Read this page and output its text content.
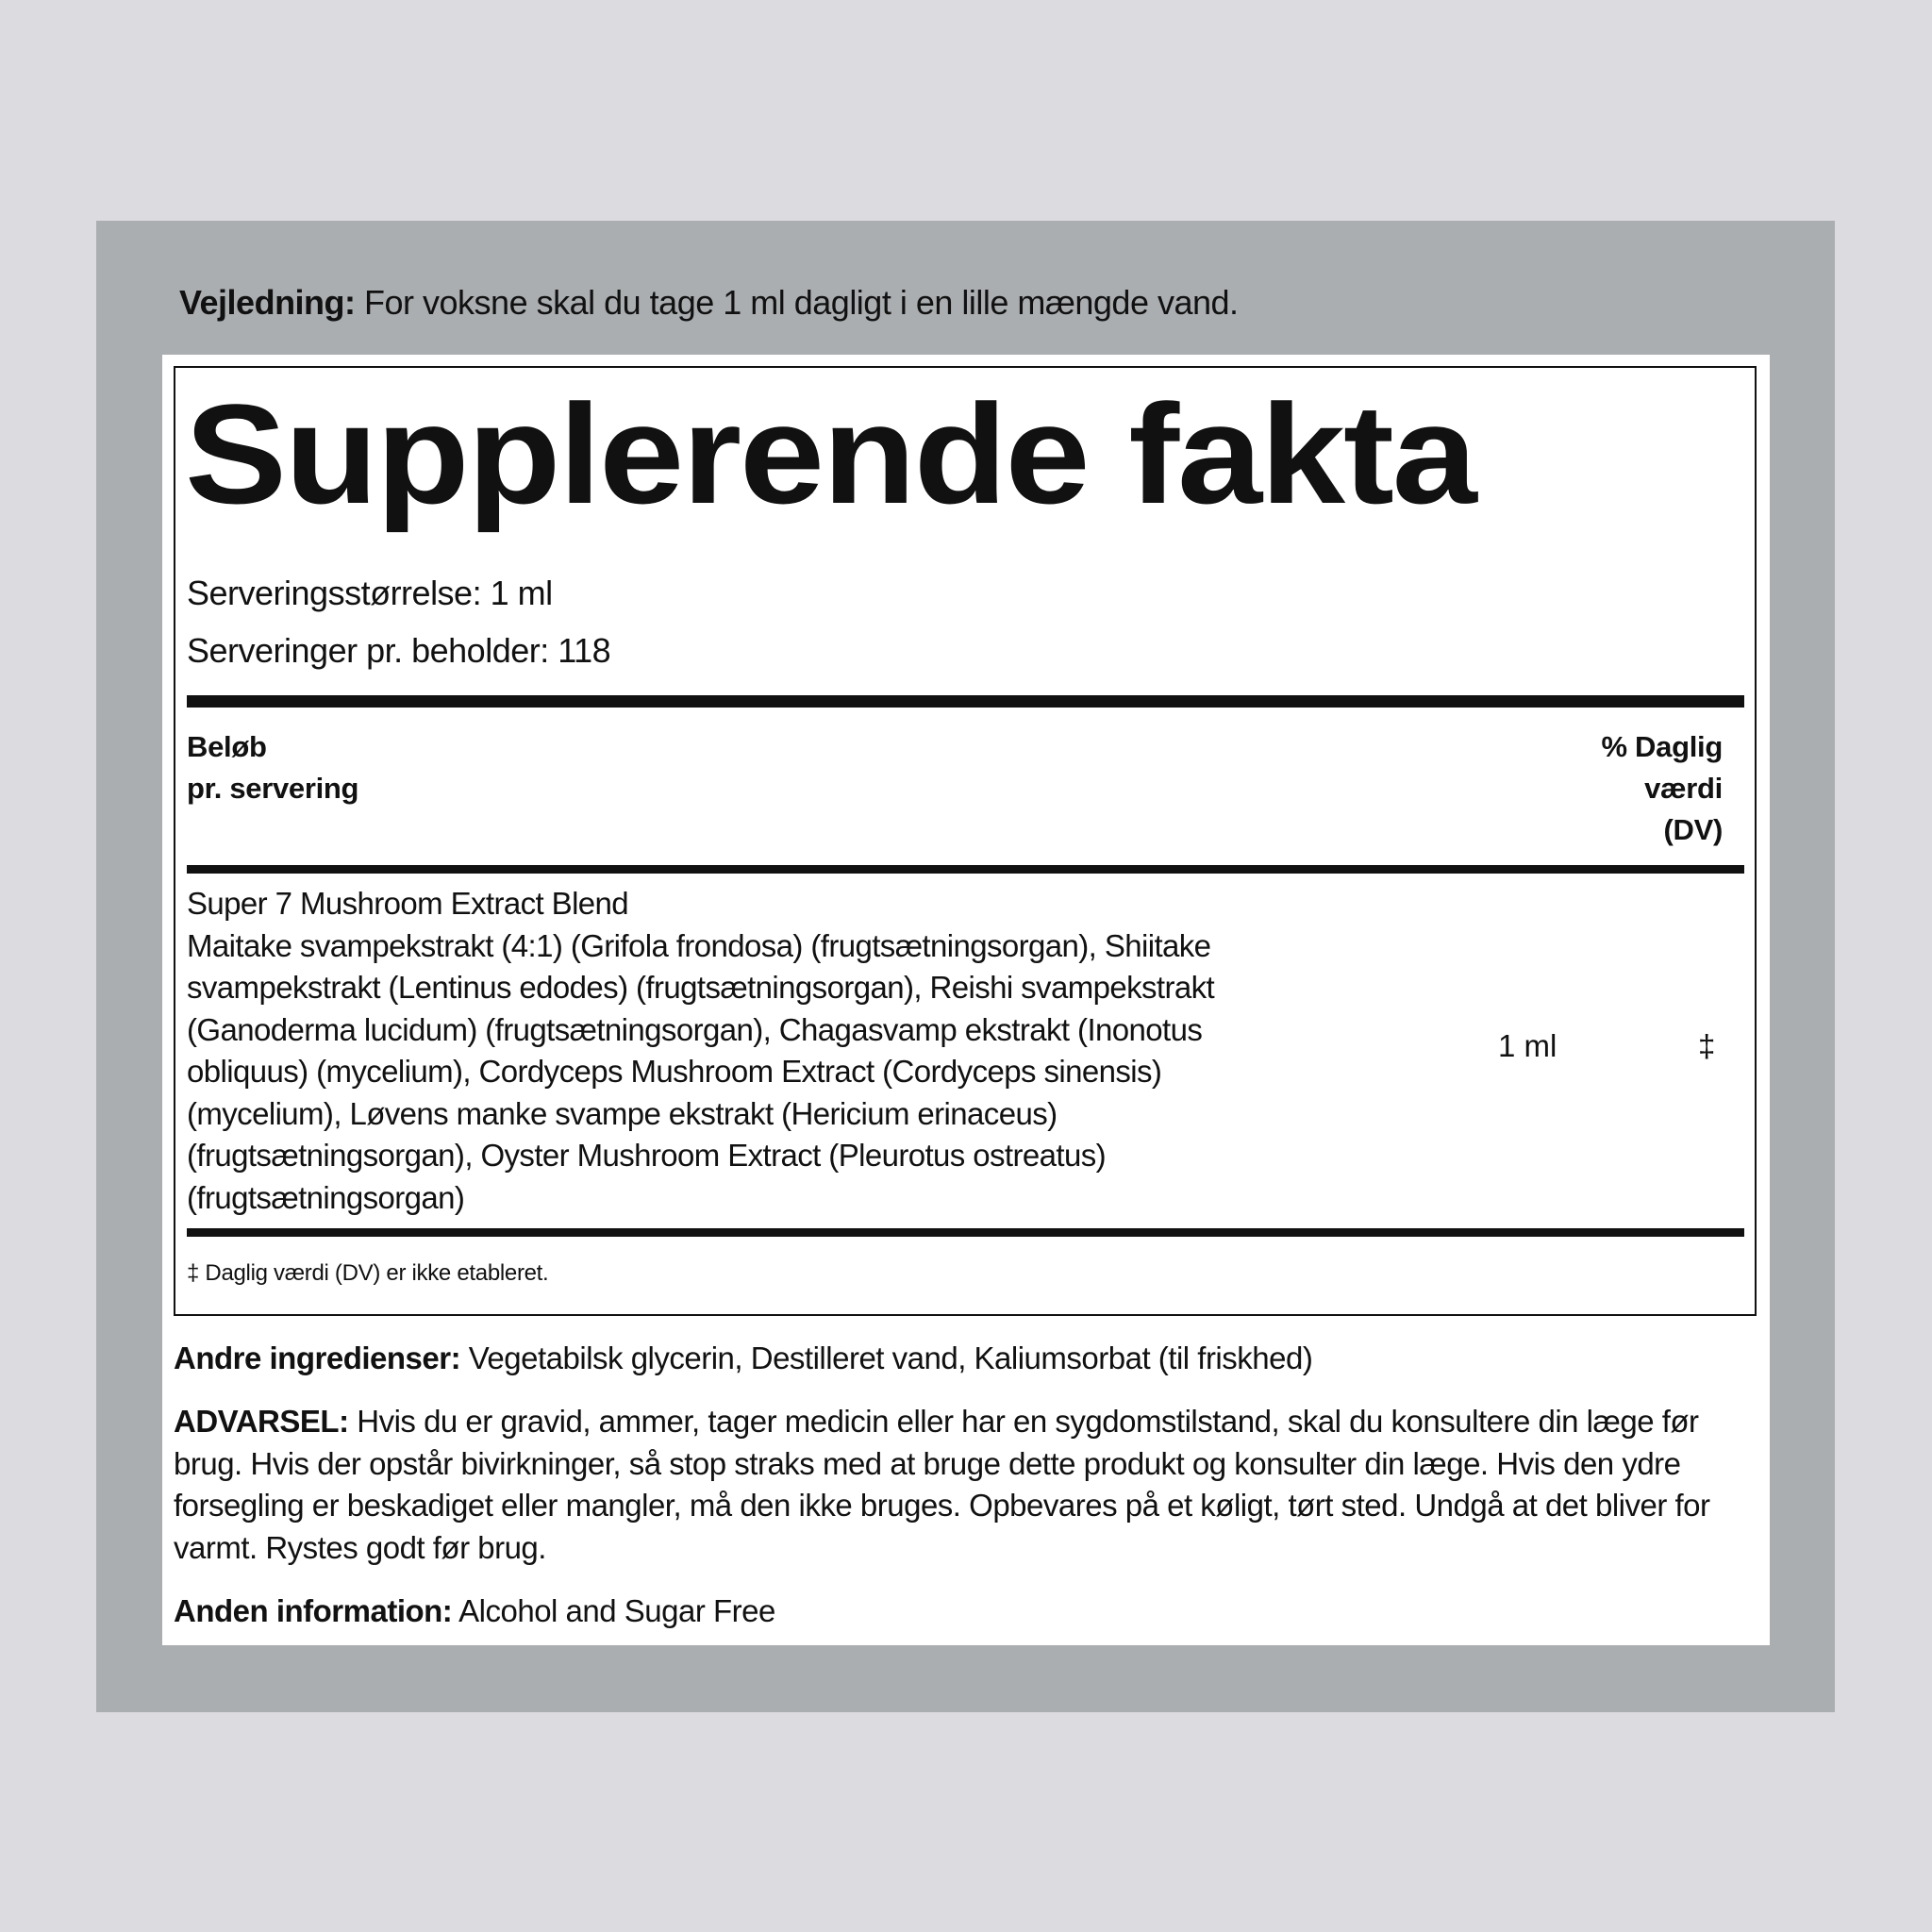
Vejledning: For voksne skal du tage 1 ml dagligt i en lille mængde vand.
Supplerende fakta
Serveringsstørrelse: 1 ml
Serveringer pr. beholder: 118
Beløb
pr. servering
% Daglig
værdi
(DV)
Super 7 Mushroom Extract Blend
Maitake svampekstrakt (4:1) (Grifola frondosa) (frugtsætningsorgan), Shiitake svampekstrakt (Lentinus edodes) (frugtsætningsorgan), Reishi svampekstrakt (Ganoderma lucidum) (frugtsætningsorgan), Chagasvamp ekstrakt (Inonotus obliquus) (mycelium), Cordyceps Mushroom Extract (Cordyceps sinensis) (mycelium), Løvens manke svampe ekstrakt (Hericium erinaceus) (frugtsætningsorgan), Oyster Mushroom Extract (Pleurotus ostreatus) (frugtsætningsorgan)
1 ml	‡
‡ Daglig værdi (DV) er ikke etableret.
Andre ingredienser: Vegetabilsk glycerin, Destilleret vand, Kaliumsorbat (til friskhed)
ADVARSEL: Hvis du er gravid, ammer, tager medicin eller har en sygdomstilstand, skal du konsultere din læge før brug. Hvis der opstår bivirkninger, så stop straks med at bruge dette produkt og konsulter din læge. Hvis den ydre forsegling er beskadiget eller mangler, må den ikke bruges. Opbevares på et køligt, tørt sted. Undgå at det bliver for varmt. Rystes godt før brug.
Anden information: Alcohol and Sugar Free
